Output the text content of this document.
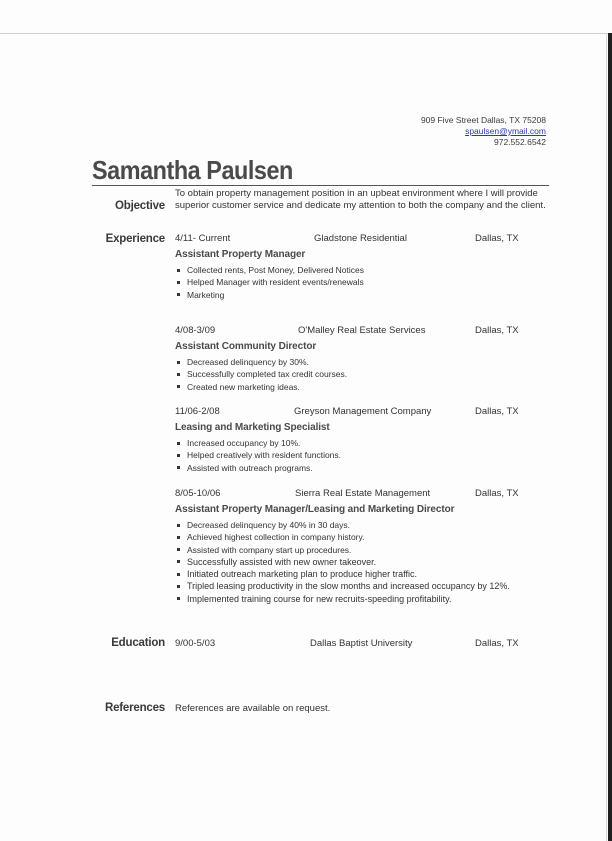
909 Five Street Dallas, TX 75208
spaulsen@ymail.com
972.552.6542
Samantha Paulsen
Objective
To obtain property management position in an upbeat environment where I will provide superior customer service and dedicate my attention to both the company and the client.
Experience 4/11- Current	Gladstone Residential	Dallas, TX
Assistant Property Manager
Collected rents, Post Money, Delivered Notices
Helped Manager with resident events/renewals
Marketing
4/08-3/09	O'Malley Real Estate Services	Dallas, TX
Assistant Community Director
Decreased delinquency by 30%.
Successfully completed tax credit courses.
Created new marketing ideas.
11/06-2/08	Greyson Management Company	Dallas, TX
Leasing and Marketing Specialist
Increased occupancy by 10%.
Helped creatively with resident functions.
Assisted with outreach programs.
8/05-10/06	Sierra Real Estate Management	Dallas, TX
Assistant Property Manager/Leasing and Marketing Director
Decreased delinquency by 40% in 30 days.
Achieved highest collection in company history.
Assisted with company start up procedures.
Successfully assisted with new owner takeover.
Initiated outreach marketing plan to produce higher traffic.
Tripled leasing productivity in the slow months and increased occupancy by 12%.
Implemented training course for new recruits-speeding profitability.
Education 9/00-5/03	Dallas Baptist University	Dallas, TX
References References are available on request.
